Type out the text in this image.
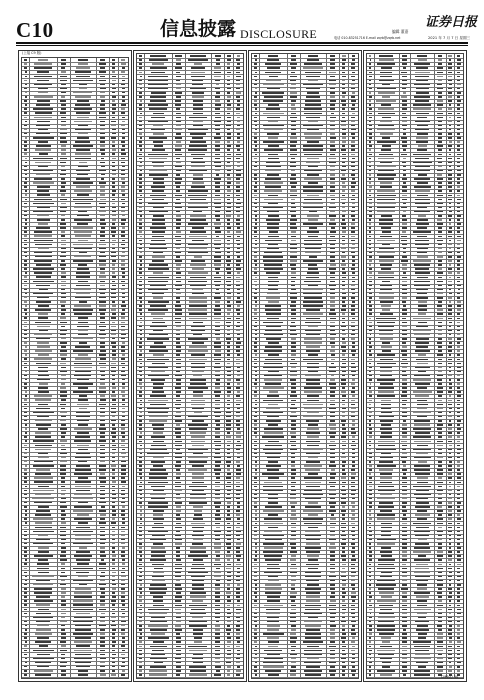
C10	信息披露 DISCLOSURE
证券日报
编辑 董嘉
电话 010-83251716 E-mail zqrb@zqrb.net	2021 年 7 月 7 日 星期三
(上接 C9 版)
CM60 / 30
